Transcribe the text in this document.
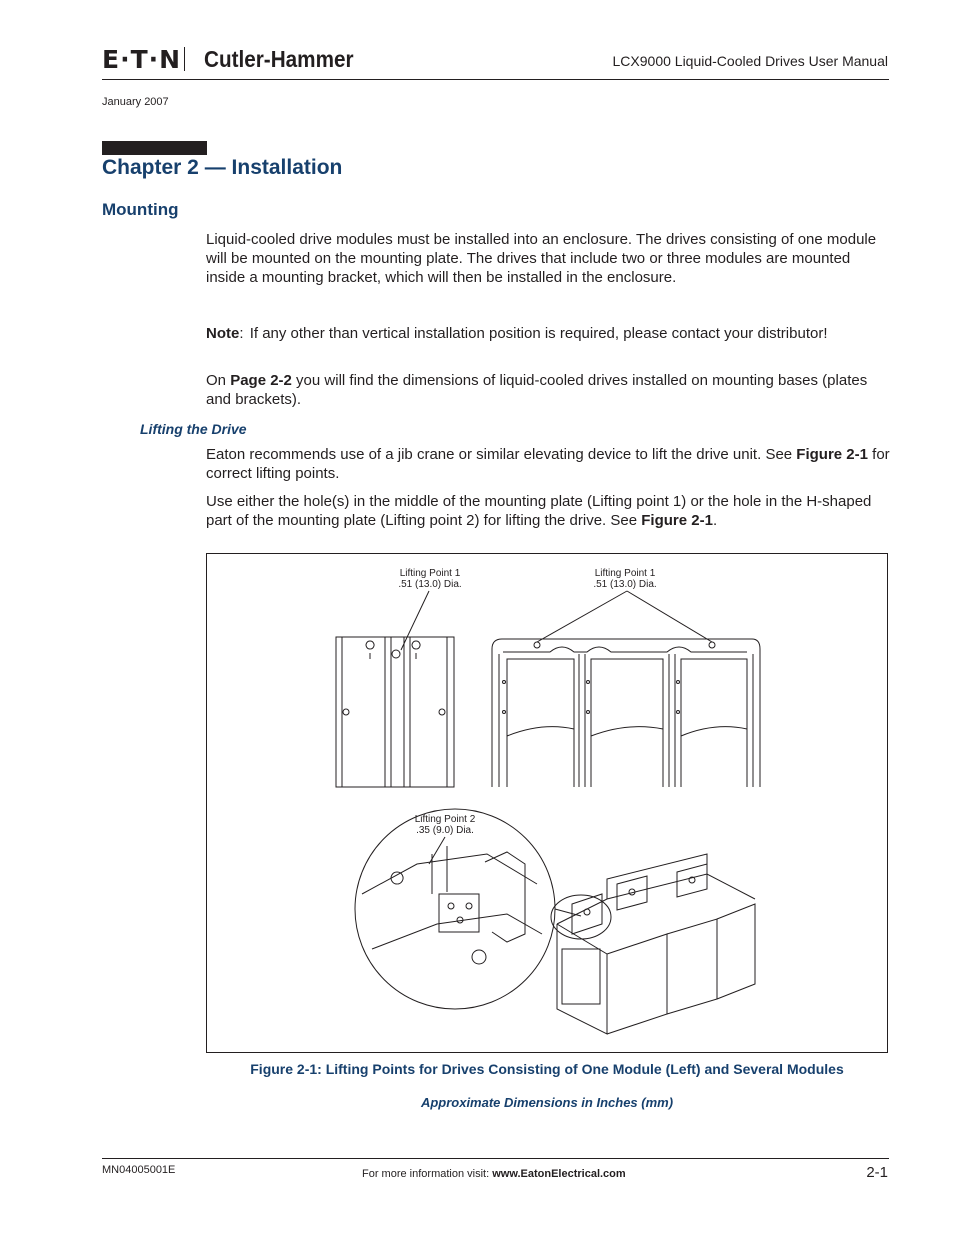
E·T·N Cutler-Hammer	LCX9000 Liquid-Cooled Drives User Manual
January 2007
Chapter 2 — Installation
Mounting
Liquid-cooled drive modules must be installed into an enclosure. The drives consisting of one module will be mounted on the mounting plate. The drives that include two or three modules are mounted inside a mounting bracket, which will then be installed in the enclosure.
Note: If any other than vertical installation position is required, please contact your distributor!
On Page 2-2 you will find the dimensions of liquid-cooled drives installed on mounting bases (plates and brackets).
Lifting the Drive
Eaton recommends use of a jib crane or similar elevating device to lift the drive unit. See Figure 2-1 for correct lifting points.
Use either the hole(s) in the middle of the mounting plate (Lifting point 1) or the hole in the H-shaped part of the mounting plate (Lifting point 2) for lifting the drive. See Figure 2-1.
Lifting Point 1
.51 (13.0) Dia.
Lifting Point 1
.51 (13.0) Dia.
Lifting Point 2
.35 (9.0) Dia.
Figure 2-1: Lifting Points for Drives Consisting of One Module (Left) and Several Modules
Approximate Dimensions in Inches (mm)
MN04005001E	For more information visit: www.EatonElectrical.com	2-1
